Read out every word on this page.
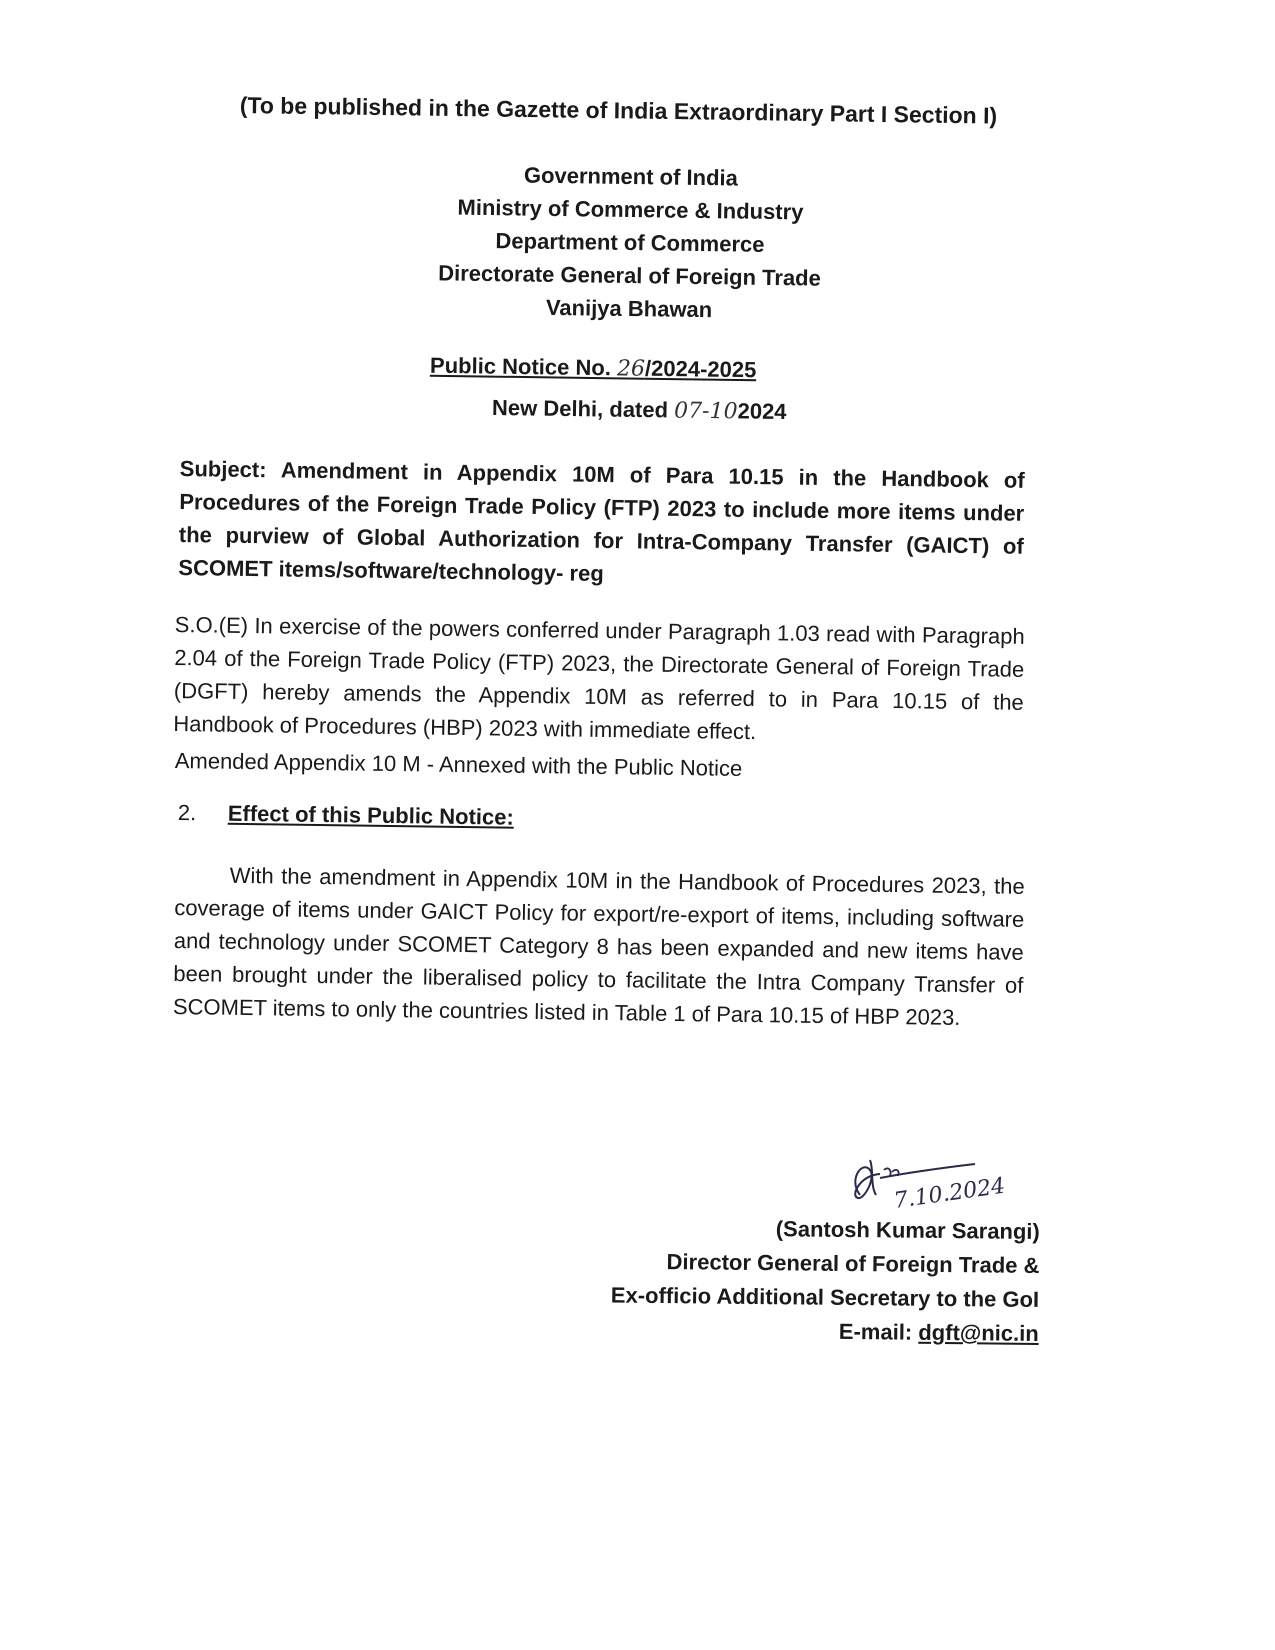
(To be published in the Gazette of India Extraordinary Part I Section I)
Government of India
Ministry of Commerce & Industry
Department of Commerce
Directorate General of Foreign Trade
Vanijya Bhawan
Public Notice No. 26/2024-2025
New Delhi, dated 07-102024
Subject: Amendment in Appendix 10M of Para 10.15 in the Handbook of Procedures of the Foreign Trade Policy (FTP) 2023 to include more items under the purview of Global Authorization for Intra-Company Transfer (GAICT) of SCOMET items/software/technology- reg
S.O.(E) In exercise of the powers conferred under Paragraph 1.03 read with Paragraph 2.04 of the Foreign Trade Policy (FTP) 2023, the Directorate General of Foreign Trade (DGFT) hereby amends the Appendix 10M as referred to in Para 10.15 of the Handbook of Procedures (HBP) 2023 with immediate effect.
Amended Appendix 10 M - Annexed with the Public Notice
2. Effect of this Public Notice:
With the amendment in Appendix 10M in the Handbook of Procedures 2023, the coverage of items under GAICT Policy for export/re-export of items, including software and technology under SCOMET Category 8 has been expanded and new items have been brought under the liberalised policy to facilitate the Intra Company Transfer of SCOMET items to only the countries listed in Table 1 of Para 10.15 of HBP 2023.
7.10.2024
(Santosh Kumar Sarangi)
Director General of Foreign Trade &
Ex-officio Additional Secretary to the GoI
E-mail: dgft@nic.in
